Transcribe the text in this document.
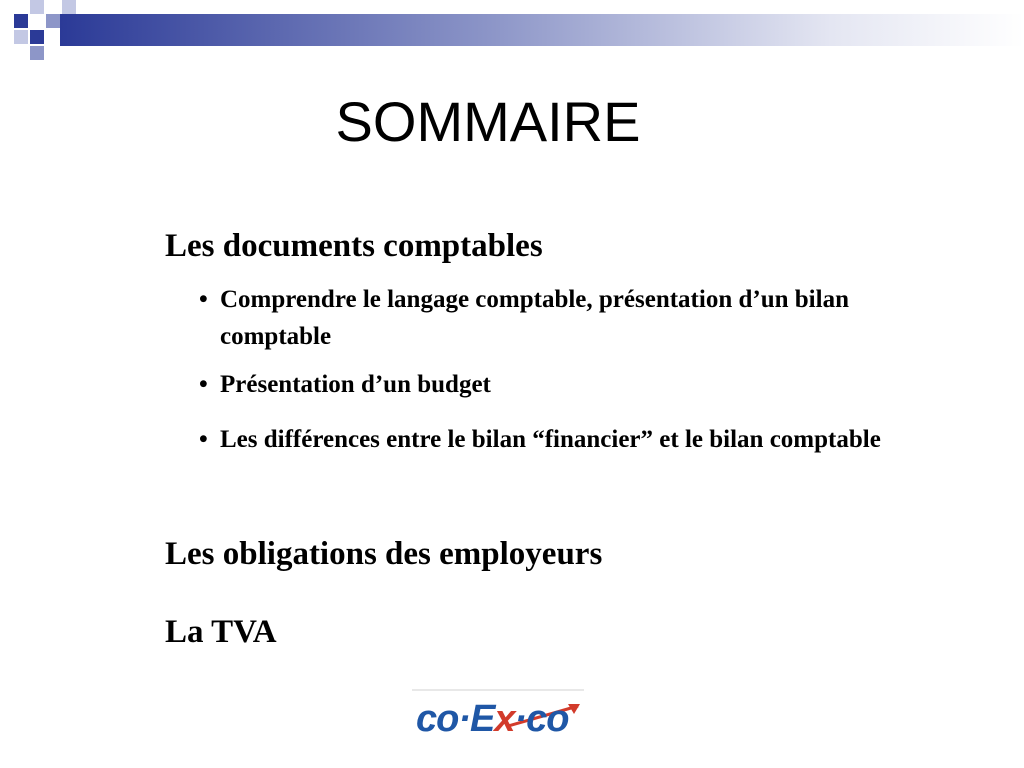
SOMMAIRE
Les documents comptables
• Comprendre le langage comptable, présentation d’un bilan comptable
• Présentation d’un budget
• Les différences entre le bilan “financier” et le bilan comptable
Les obligations des employeurs
La TVA
co·Ex·co
